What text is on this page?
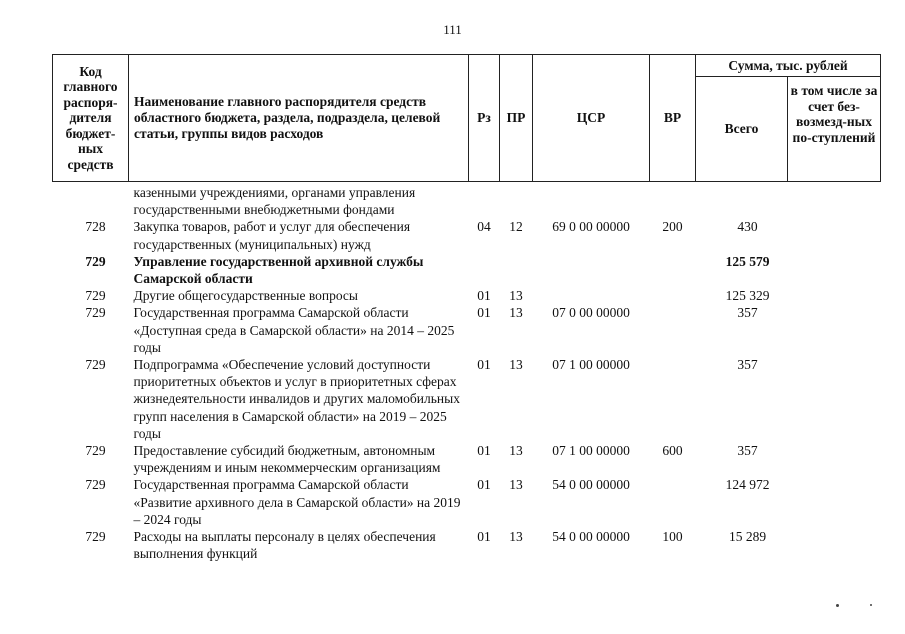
111
Код главного распоря-дителя бюджет-ных средств	Наименование главного распорядителя средств областного бюджета, раздела, подраздела, целевой статьи, группы видов расходов	Рз	ПР	ЦСР	ВР	Сумма, тыс. рублей	
						Всего	в том числе за счет без-возмезд-ных по-ступлений
	казенными учреждениями, органами управления государственными внебюджетными фондами						
728	Закупка товаров, работ и услуг для обеспечения государственных (муниципальных) нужд	04	12	69 0 00 00000	200	430	
729	Управление государственной архивной службы Самарской области					125 579	
729	Другие общегосударственные вопросы	01	13			125 329	
729	Государственная программа Самарской области «Доступная среда в Самарской области» на 2014 – 2025 годы	01	13	07 0 00 00000		357	
729	Подпрограмма «Обеспечение условий доступности приоритетных объектов и услуг в приоритетных сферах жизнедеятельности инвалидов и других маломобильных групп населения в Самарской области» на 2019 – 2025 годы	01	13	07 1 00 00000		357	
729	Предоставление субсидий бюджетным, автономным учреждениям и иным некоммерческим организациям	01	13	07 1 00 00000	600	357	
729	Государственная программа Самарской области «Развитие архивного дела в Самарской области» на 2019 – 2024 годы	01	13	54 0 00 00000		124 972	
729	Расходы на выплаты персоналу в целях обеспечения выполнения функций	01	13	54 0 00 00000	100	15 289	
